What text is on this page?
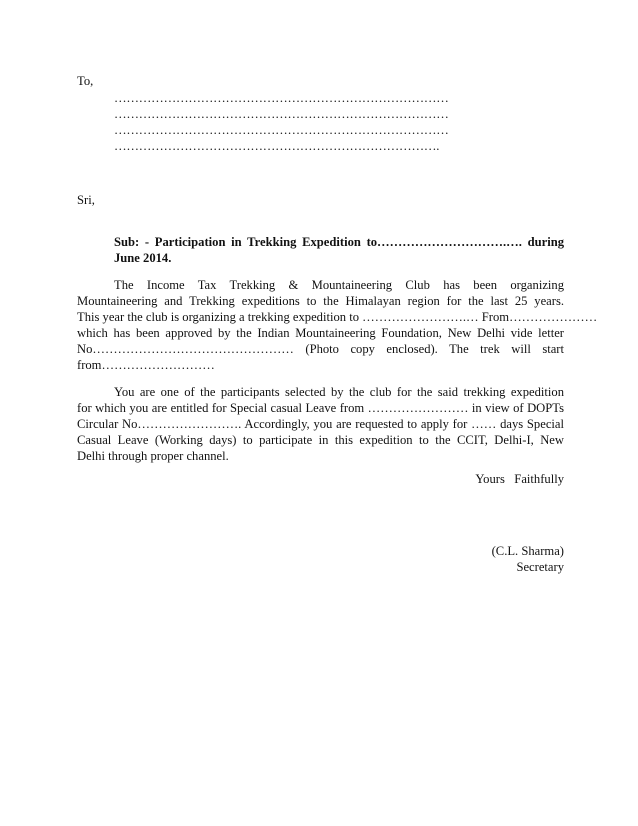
To,
………………………………………………………………………
………………………………………………………………………
………………………………………………………………………
…………………………………………………………………….
Sri,
Sub: - Participation in Trekking Expedition to………………………….…. during
June 2014.
The Income Tax Trekking & Mountaineering Club has been organizing
Mountaineering and Trekking expeditions to the Himalayan region for the last 25 years.
This year the club is organizing a trekking expedition to …………………….… From…………………
which has been approved by the Indian Mountaineering Foundation, New Delhi vide letter
No………………………………………… (Photo copy enclosed). The trek will start
from………………………
You are one of the participants selected by the club for the said trekking expedition
for which you are entitled for Special casual Leave from …………………… in view of DOPTs
Circular No……………………. Accordingly, you are requested to apply for …… days Special
Casual Leave (Working days) to participate in this expedition to the CCIT, Delhi-I, New
Delhi through proper channel.
Yours   Faithfully
(C.L. Sharma)
Secretary
